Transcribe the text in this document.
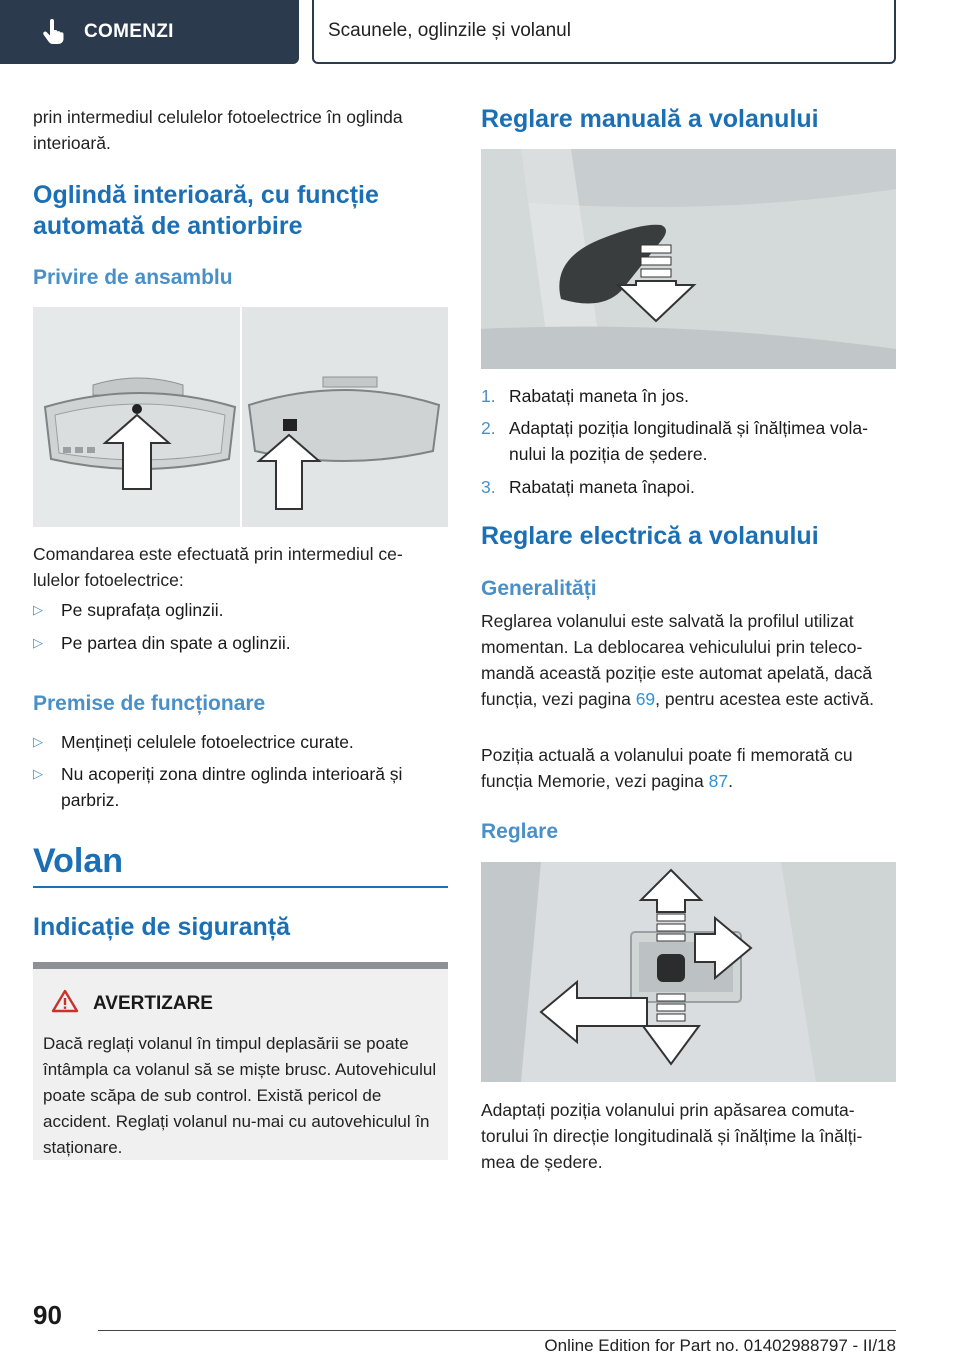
COMENZI	Scaunele, oglinzile și volanul

prin intermediul celulelor fotoelectrice în oglinda interioară.

Oglindă interioară, cu funcție automată de antiorbire
Privire de ansamblu

Comandarea este efectuată prin intermediul ce‐lulelor fotoelectrice:

▷	Pe suprafața oglinzii.
▷	Pe partea din spate a oglinzii.
Premise de funcționare
▷	Mențineți celulele fotoelectrice curate.
▷	Nu acoperiți zona dintre oglinda interioară și parbriz.
Volan
Indicație de siguranță
AVERTIZARE

Dacă reglați volanul în timpul deplasării se poate întâmpla ca volanul să se miște brusc. Autovehiculul poate scăpa de sub control. Există pericol de accident. Reglați volanul nu‐mai cu autovehiculul în staționare.

Reglare manuală a volanului
1. Rabatați maneta în jos.
2. Adaptați poziția longitudinală și înălțimea vola‐nului la poziția de ședere.
3. Rabatați maneta înapoi.
Reglare electrică a volanului
Generalități

Reglarea volanului este salvată la profilul utilizat momentan. La deblocarea vehiculului prin teleco‐mandă această poziție este automat apelată, dacă funcția, vezi pagina 69, pentru acestea este activă.

Poziția actuală a volanului poate fi memorată cu funcția Memorie, vezi pagina 87.

Reglare

Adaptați poziția volanului prin apăsarea comuta‐torului în direcție longitudinală și înălțime la înălți‐mea de ședere.

90
Online Edition for Part no. 01402988797 - II/18
